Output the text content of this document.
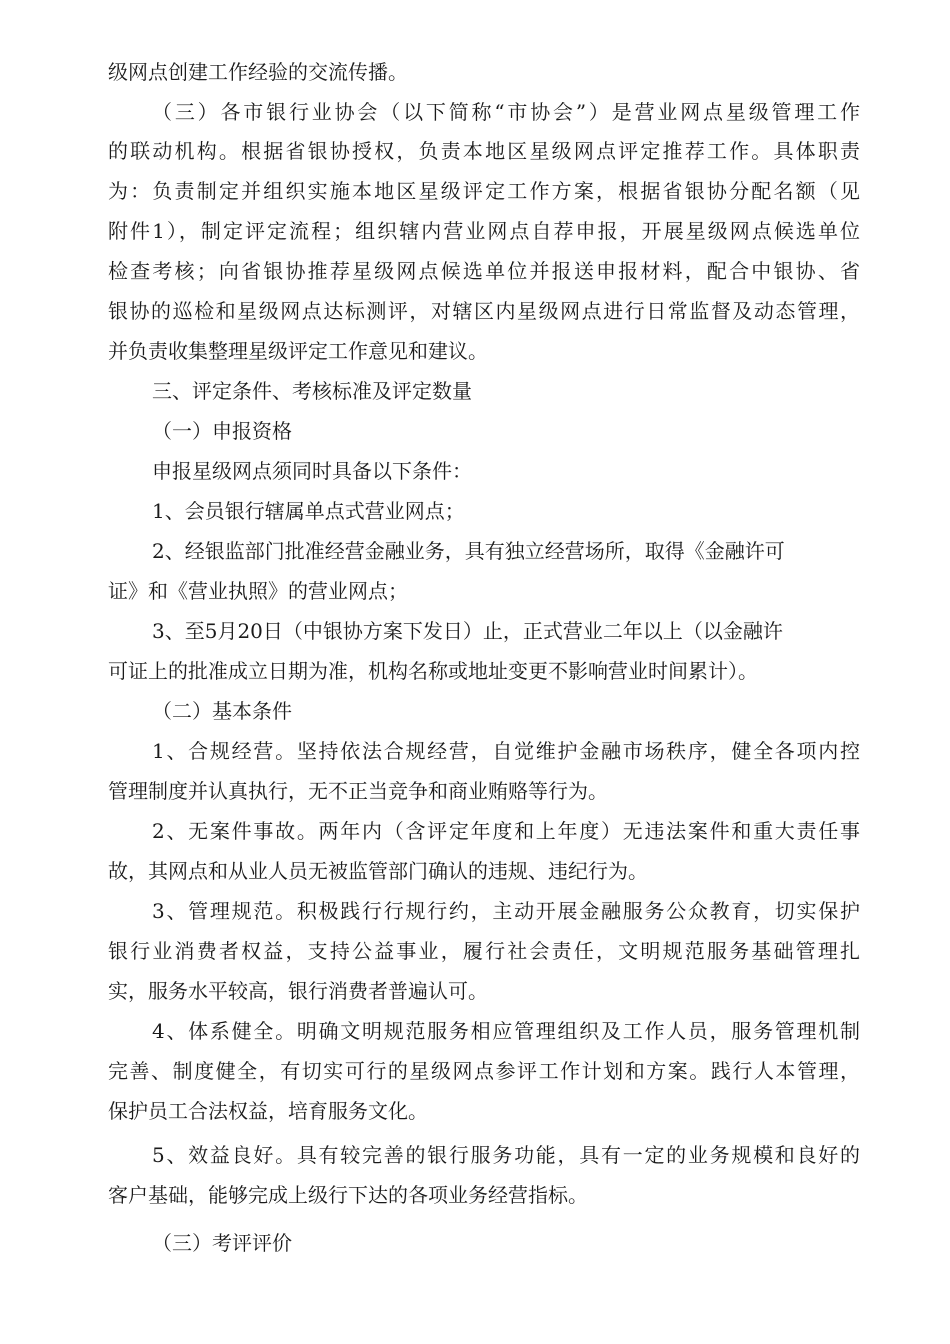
级网点创建工作经验的交流传播。
（三）各市银行业协会（以下简称“市协会”）是营业网点星级管理工作
的联动机构。根据省银协授权，负责本地区星级网点评定推荐工作。具体职责
为：负责制定并组织实施本地区星级评定工作方案，根据省银协分配名额（见
附件1），制定评定流程；组织辖内营业网点自荐申报，开展星级网点候选单位
检查考核；向省银协推荐星级网点候选单位并报送申报材料，配合中银协、省
银协的巡检和星级网点达标测评，对辖区内星级网点进行日常监督及动态管理，
并负责收集整理星级评定工作意见和建议。
三、评定条件、考核标准及评定数量
（一）申报资格
申报星级网点须同时具备以下条件：
1、会员银行辖属单点式营业网点；
2、经银监部门批准经营金融业务，具有独立经营场所，取得《金融许可
证》和《营业执照》的营业网点；
3、至5月20日（中银协方案下发日）止，正式营业二年以上（以金融许
可证上的批准成立日期为准，机构名称或地址变更不影响营业时间累计）。
（二）基本条件
1、合规经营。坚持依法合规经营，自觉维护金融市场秩序，健全各项内控
管理制度并认真执行，无不正当竞争和商业贿赂等行为。
2、无案件事故。两年内（含评定年度和上年度）无违法案件和重大责任事
故，其网点和从业人员无被监管部门确认的违规、违纪行为。
3、管理规范。积极践行行规行约，主动开展金融服务公众教育，切实保护
银行业消费者权益，支持公益事业，履行社会责任，文明规范服务基础管理扎
实，服务水平较高，银行消费者普遍认可。
4、体系健全。明确文明规范服务相应管理组织及工作人员，服务管理机制
完善、制度健全，有切实可行的星级网点参评工作计划和方案。践行人本管理，
保护员工合法权益，培育服务文化。
5、效益良好。具有较完善的银行服务功能，具有一定的业务规模和良好的
客户基础，能够完成上级行下达的各项业务经营指标。
（三）考评评价
